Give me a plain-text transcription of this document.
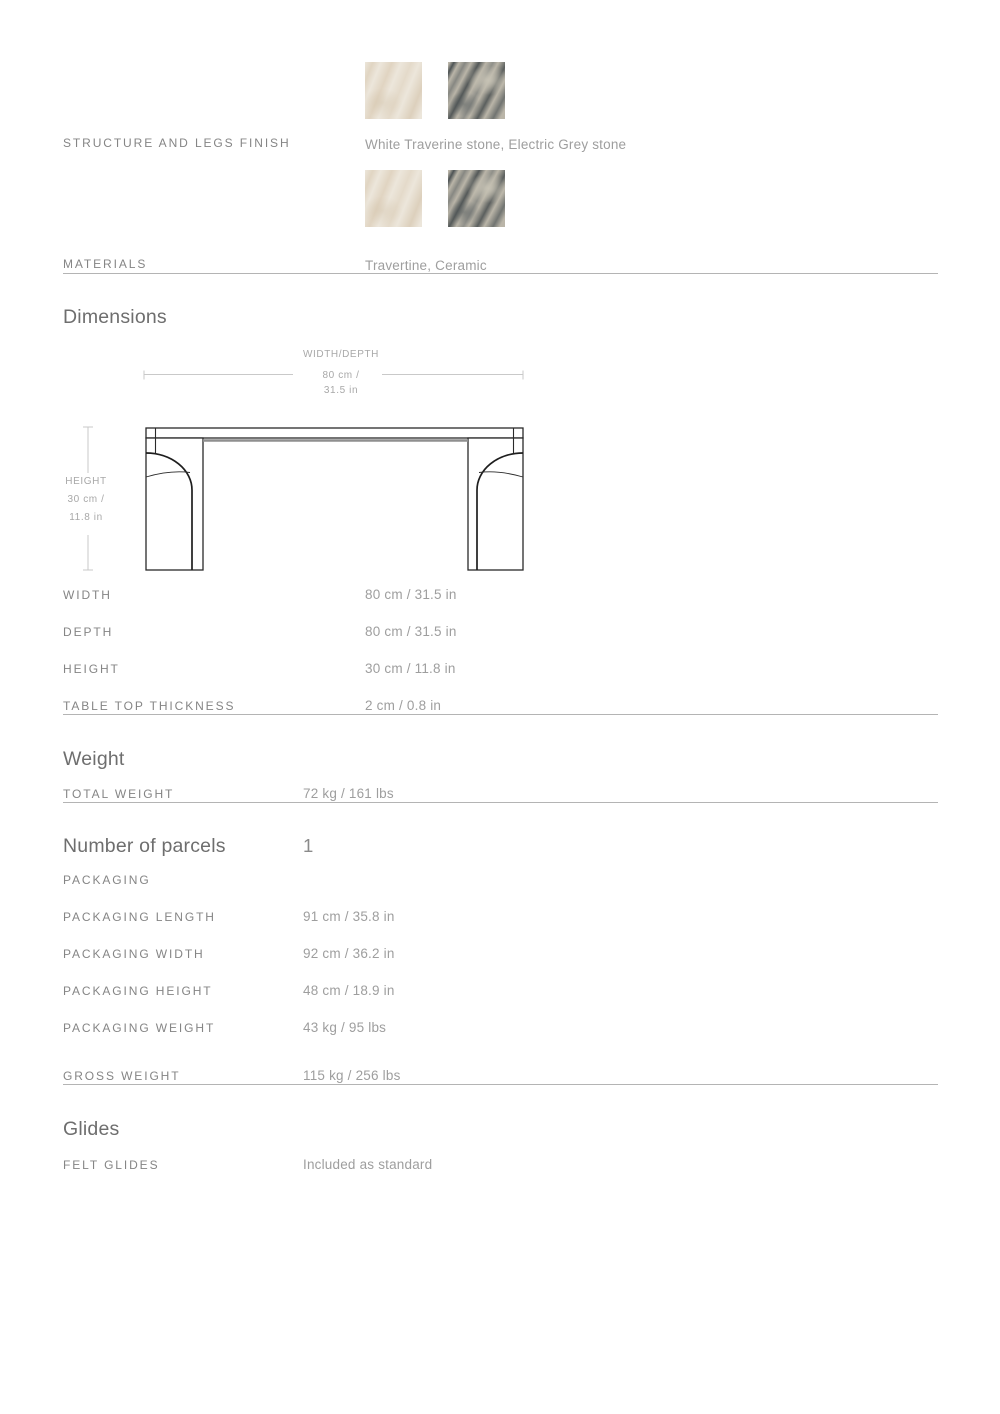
STRUCTURE AND LEGS FINISH	White Traverine stone, Electric Grey stone
MATERIALS	Travertine, Ceramic
Dimensions
WIDTH/DEPTH
80 cm /
31.5 in
HEIGHT
30 cm /
11.8 in
WIDTH	80 cm / 31.5 in
DEPTH	80 cm / 31.5 in
HEIGHT	30 cm / 11.8 in
TABLE TOP THICKNESS	2 cm / 0.8 in
Weight
TOTAL WEIGHT	72 kg / 161 lbs
Number of parcels	1
PACKAGING
PACKAGING LENGTH	91 cm / 35.8 in
PACKAGING WIDTH	92 cm / 36.2 in
PACKAGING HEIGHT	48 cm / 18.9 in
PACKAGING WEIGHT	43 kg / 95 lbs
GROSS WEIGHT	115 kg / 256 lbs
Glides
FELT GLIDES	Included as standard
